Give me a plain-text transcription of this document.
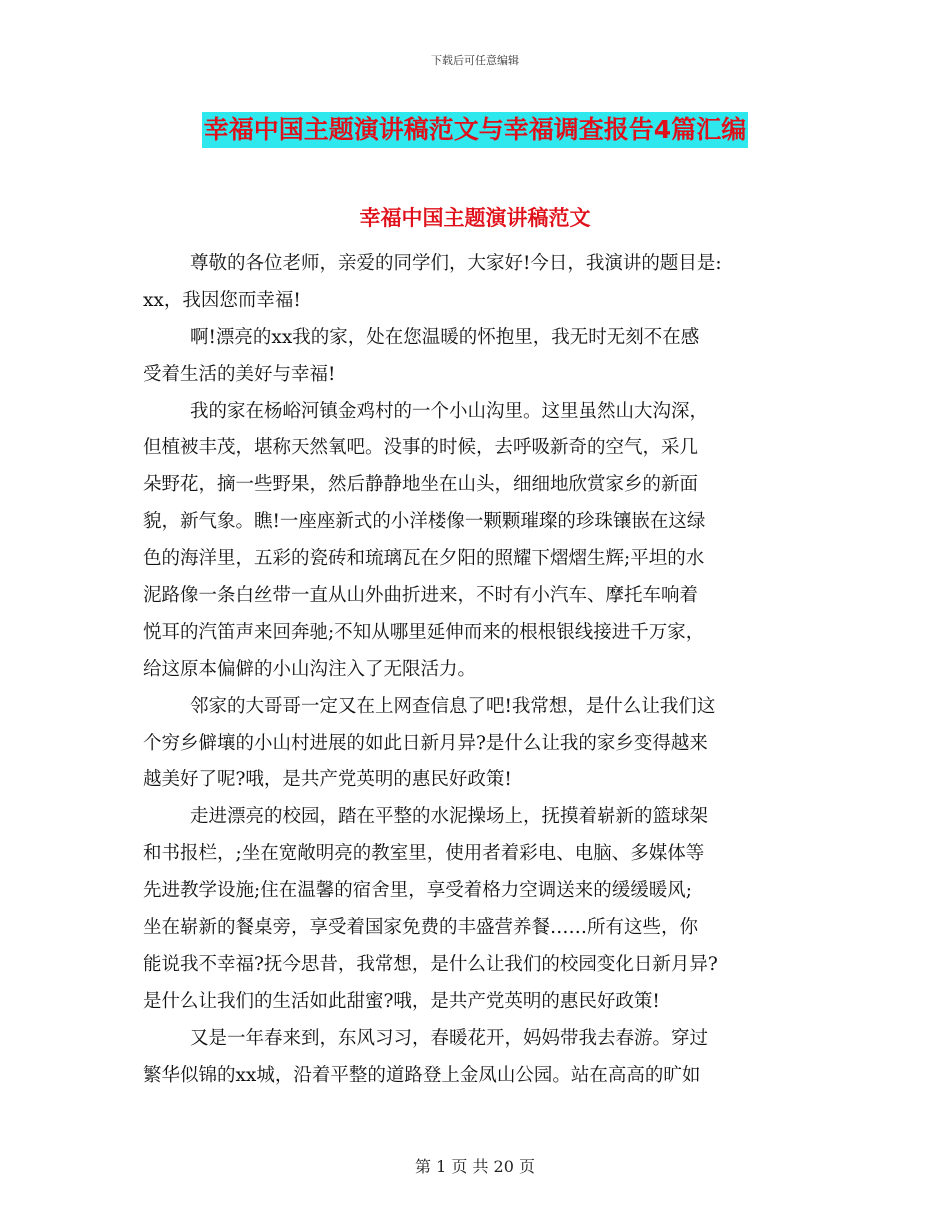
下载后可任意编辑
幸福中国主题演讲稿范文与幸福调查报告4篇汇编
幸福中国主题演讲稿范文
尊敬的各位老师，亲爱的同学们，大家好!今日，我演讲的题目是:
xx，我因您而幸福!
啊!漂亮的xx我的家，处在您温暖的怀抱里，我无时无刻不在感
受着生活的美好与幸福!
我的家在杨峪河镇金鸡村的一个小山沟里。这里虽然山大沟深，
但植被丰茂，堪称天然氧吧。没事的时候，去呼吸新奇的空气，采几
朵野花，摘一些野果，然后静静地坐在山头，细细地欣赏家乡的新面
貌，新气象。瞧!一座座新式的小洋楼像一颗颗璀璨的珍珠镶嵌在这绿
色的海洋里，五彩的瓷砖和琉璃瓦在夕阳的照耀下熠熠生辉;平坦的水
泥路像一条白丝带一直从山外曲折进来，不时有小汽车、摩托车响着
悦耳的汽笛声来回奔驰;不知从哪里延伸而来的根根银线接进千万家，
给这原本偏僻的小山沟注入了无限活力。
邻家的大哥哥一定又在上网查信息了吧!我常想，是什么让我们这
个穷乡僻壤的小山村进展的如此日新月异?是什么让我的家乡变得越来
越美好了呢?哦，是共产党英明的惠民好政策!
走进漂亮的校园，踏在平整的水泥操场上，抚摸着崭新的篮球架
和书报栏，;坐在宽敞明亮的教室里，使用者着彩电、电脑、多媒体等
先进教学设施;住在温馨的宿舍里，享受着格力空调送来的缓缓暖风;
坐在崭新的餐桌旁，享受着国家免费的丰盛营养餐……所有这些，你
能说我不幸福?抚今思昔，我常想，是什么让我们的校园变化日新月异?
是什么让我们的生活如此甜蜜?哦，是共产党英明的惠民好政策!
又是一年春来到，东风习习，春暖花开，妈妈带我去春游。穿过
繁华似锦的xx城，沿着平整的道路登上金凤山公园。站在高高的旷如
第 1 页 共 20 页
